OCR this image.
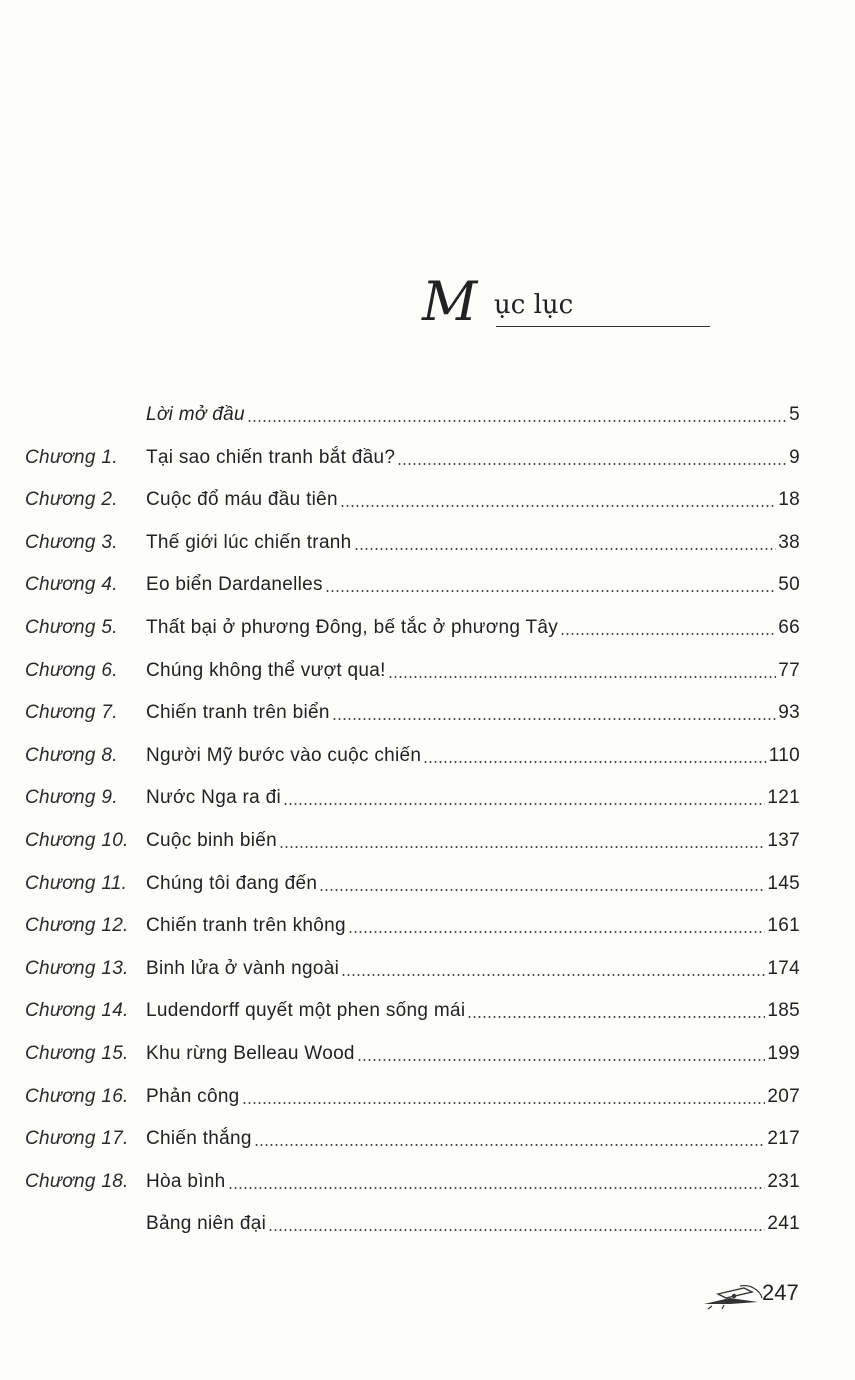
M ục lục
Lời mở đầu	5
Chương 1.	Tại sao chiến tranh bắt đầu?	9
Chương 2.	Cuộc đổ máu đầu tiên	18
Chương 3.	Thế giới lúc chiến tranh	38
Chương 4.	Eo biển Dardanelles	50
Chương 5.	Thất bại ở phương Đông, bế tắc ở phương Tây	66
Chương 6.	Chúng không thể vượt qua!	77
Chương 7.	Chiến tranh trên biển	93
Chương 8.	Người Mỹ bước vào cuộc chiến	110
Chương 9.	Nước Nga ra đi	121
Chương 10. Cuộc binh biến	137
Chương 11. Chúng tôi đang đến	145
Chương 12. Chiến tranh trên không	161
Chương 13. Binh lửa ở vành ngoài	174
Chương 14. Ludendorff quyết một phen sống mái	185
Chương 15. Khu rừng Belleau Wood	199
Chương 16. Phản công	207
Chương 17. Chiến thắng	217
Chương 18. Hòa bình	231
Bảng niên đại	241
247
